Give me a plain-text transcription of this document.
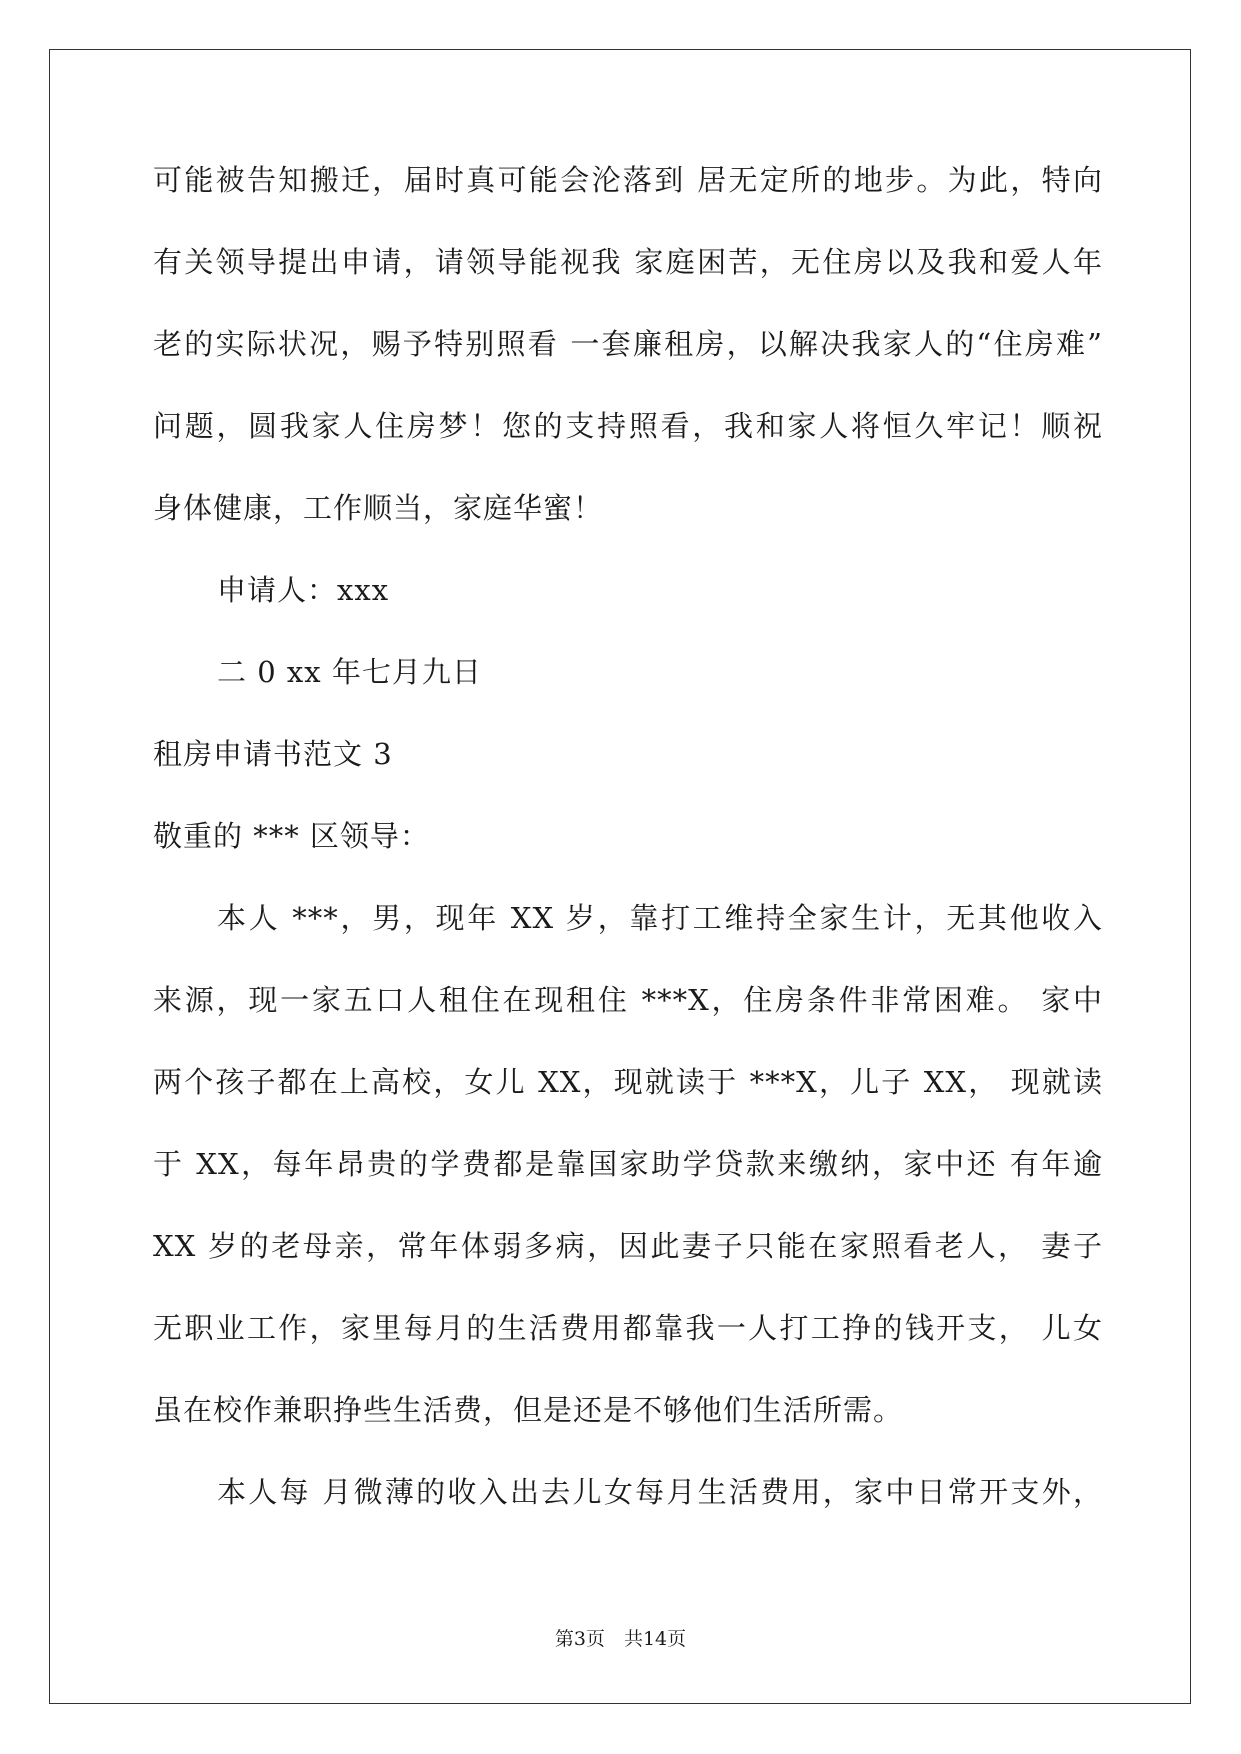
可能被告知搬迁，届时真可能会沦落到 居无定所的地步。为此，特向

有关领导提出申请，请领导能视我 家庭困苦，无住房以及我和爱人年

老的实际状况，赐予特别照看 一套廉租房，以解决我家人的“住房难”

问题，圆我家人住房梦！您的支持照看，我和家人将恒久牢记！顺祝

身体健康，工作顺当，家庭华蜜！

申请人：xxx

二 0 xx 年七月九日

租房申请书范文 3

敬重的 *** 区领导：

本人 ***，男，现年 XX 岁，靠打工维持全家生计，无其他收入

来源，现一家五口人租住在现租住 ***X，住房条件非常困难。 家中

两个孩子都在上高校，女儿 XX，现就读于 ***X，儿子 XX， 现就读

于 XX，每年昂贵的学费都是靠国家助学贷款来缴纳，家中还 有年逾

XX 岁的老母亲，常年体弱多病，因此妻子只能在家照看老人， 妻子

无职业工作，家里每月的生活费用都靠我一人打工挣的钱开支， 儿女

虽在校作兼职挣些生活费，但是还是不够他们生活所需。

本人每 月微薄的收入出去儿女每月生活费用，家中日常开支外，

第3页　共14页
